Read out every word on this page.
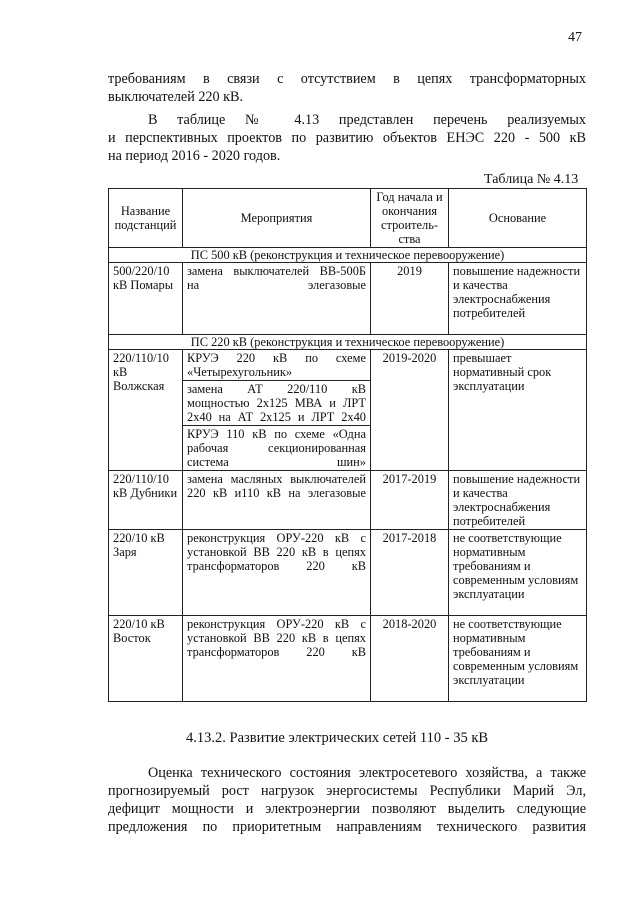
47
требованиям в связи с отсутствием в цепях трансформаторных
выключателей 220 кВ.
В таблице № 4.13 представлен перечень реализуемых
и перспективных проектов по развитию объектов ЕНЭС 220 - 500 кВ
на период 2016 - 2020 годов.
Таблица № 4.13
Название подстанций	Мероприятия	Год начала и окончания строитель-ства	Основание
ПС 500 кВ (реконструкция и техническое перевооружение)			
500/220/10 кВ Помары	замена выключателей ВВ-500Б на элегазовые	2019	повышение надежности и качества электроснабжения потребителей
ПС 220 кВ (реконструкция и техническое перевооружение)			
220/110/10 кВ Волжская	КРУЭ 220 кВ по схеме «Четырехугольник»	2019-2020	превышает нормативный срок эксплуатации
	замена АТ 220/110 кВ мощностью 2х125 МВА и ЛРТ 2х40 на АТ 2х125 и ЛРТ 2х40		
	КРУЭ 110 кВ по схеме «Одна рабочая секционированная система шин»		
220/110/10 кВ Дубники	замена масляных выключателей 220 кВ и110 кВ на элегазовые	2017-2019	повышение надежности и качества электроснабжения потребителей
220/10 кВ Заря	реконструкция ОРУ-220 кВ с установкой ВВ 220 кВ в цепях трансформаторов 220 кВ	2017-2018	не соответствующие нормативным требованиям и современным условиям эксплуатации
220/10 кВ Восток	реконструкция ОРУ-220 кВ с установкой ВВ 220 кВ в цепях трансформаторов 220 кВ	2018-2020	не соответствующие нормативным требованиям и современным условиям эксплуатации
4.13.2. Развитие электрических сетей 110 - 35 кВ
Оценка технического состояния электросетевого хозяйства, а также
прогнозируемый рост нагрузок энергосистемы Республики Марий Эл,
дефицит мощности и электроэнергии позволяют выделить следующие
предложения по приоритетным направлениям технического развития
